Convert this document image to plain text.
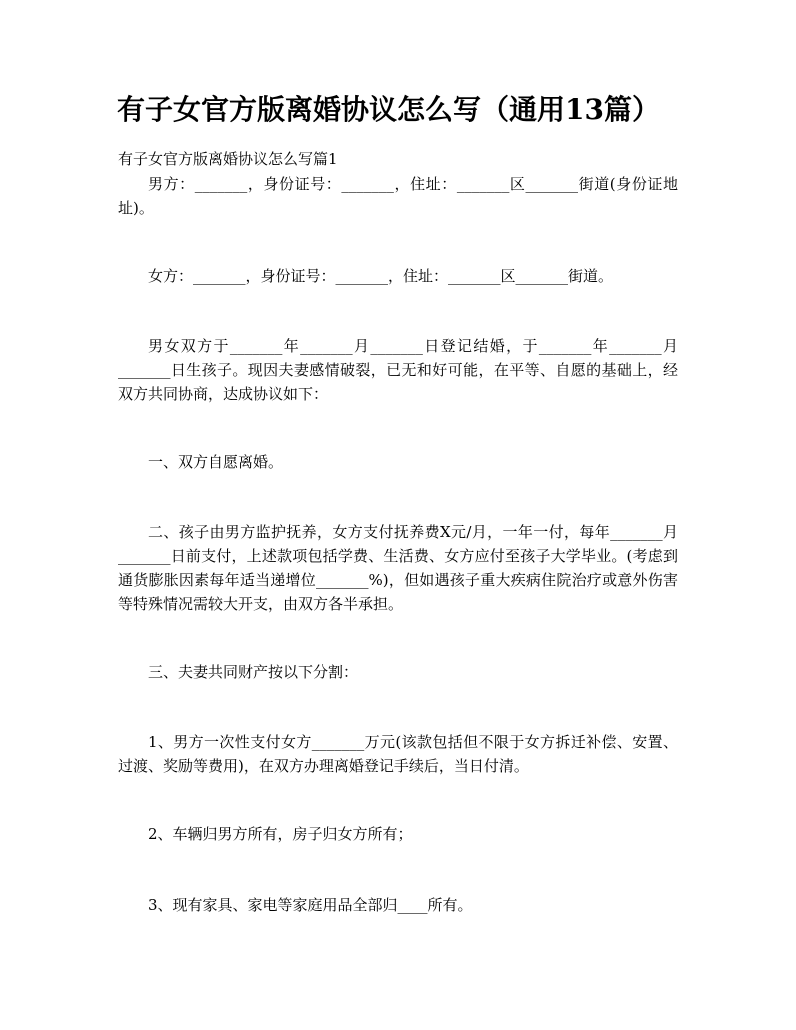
有子女官方版离婚协议怎么写（通用13篇）
有子女官方版离婚协议怎么写篇1

男方：_______，身份证号：_______，住址：_______区_______街道(身份证地址)。

女方：_______，身份证号：_______，住址：_______区_______街道。

男女双方于_______年_______月_______日登记结婚，于_______年_______月_______日生孩子。现因夫妻感情破裂，已无和好可能，在平等、自愿的基础上，经双方共同协商，达成协议如下：

一、双方自愿离婚。

二、孩子由男方监护抚养，女方支付抚养费X元/月，一年一付，每年_______月_______日前支付，上述款项包括学费、生活费、女方应付至孩子大学毕业。(考虑到通货膨胀因素每年适当递增位_______%)，但如遇孩子重大疾病住院治疗或意外伤害等特殊情况需较大开支，由双方各半承担。

三、夫妻共同财产按以下分割：

1、男方一次性支付女方_______万元(该款包括但不限于女方拆迁补偿、安置、过渡、奖励等费用)，在双方办理离婚登记手续后，当日付清。

2、车辆归男方所有，房子归女方所有；

3、现有家具、家电等家庭用品全部归____所有。
